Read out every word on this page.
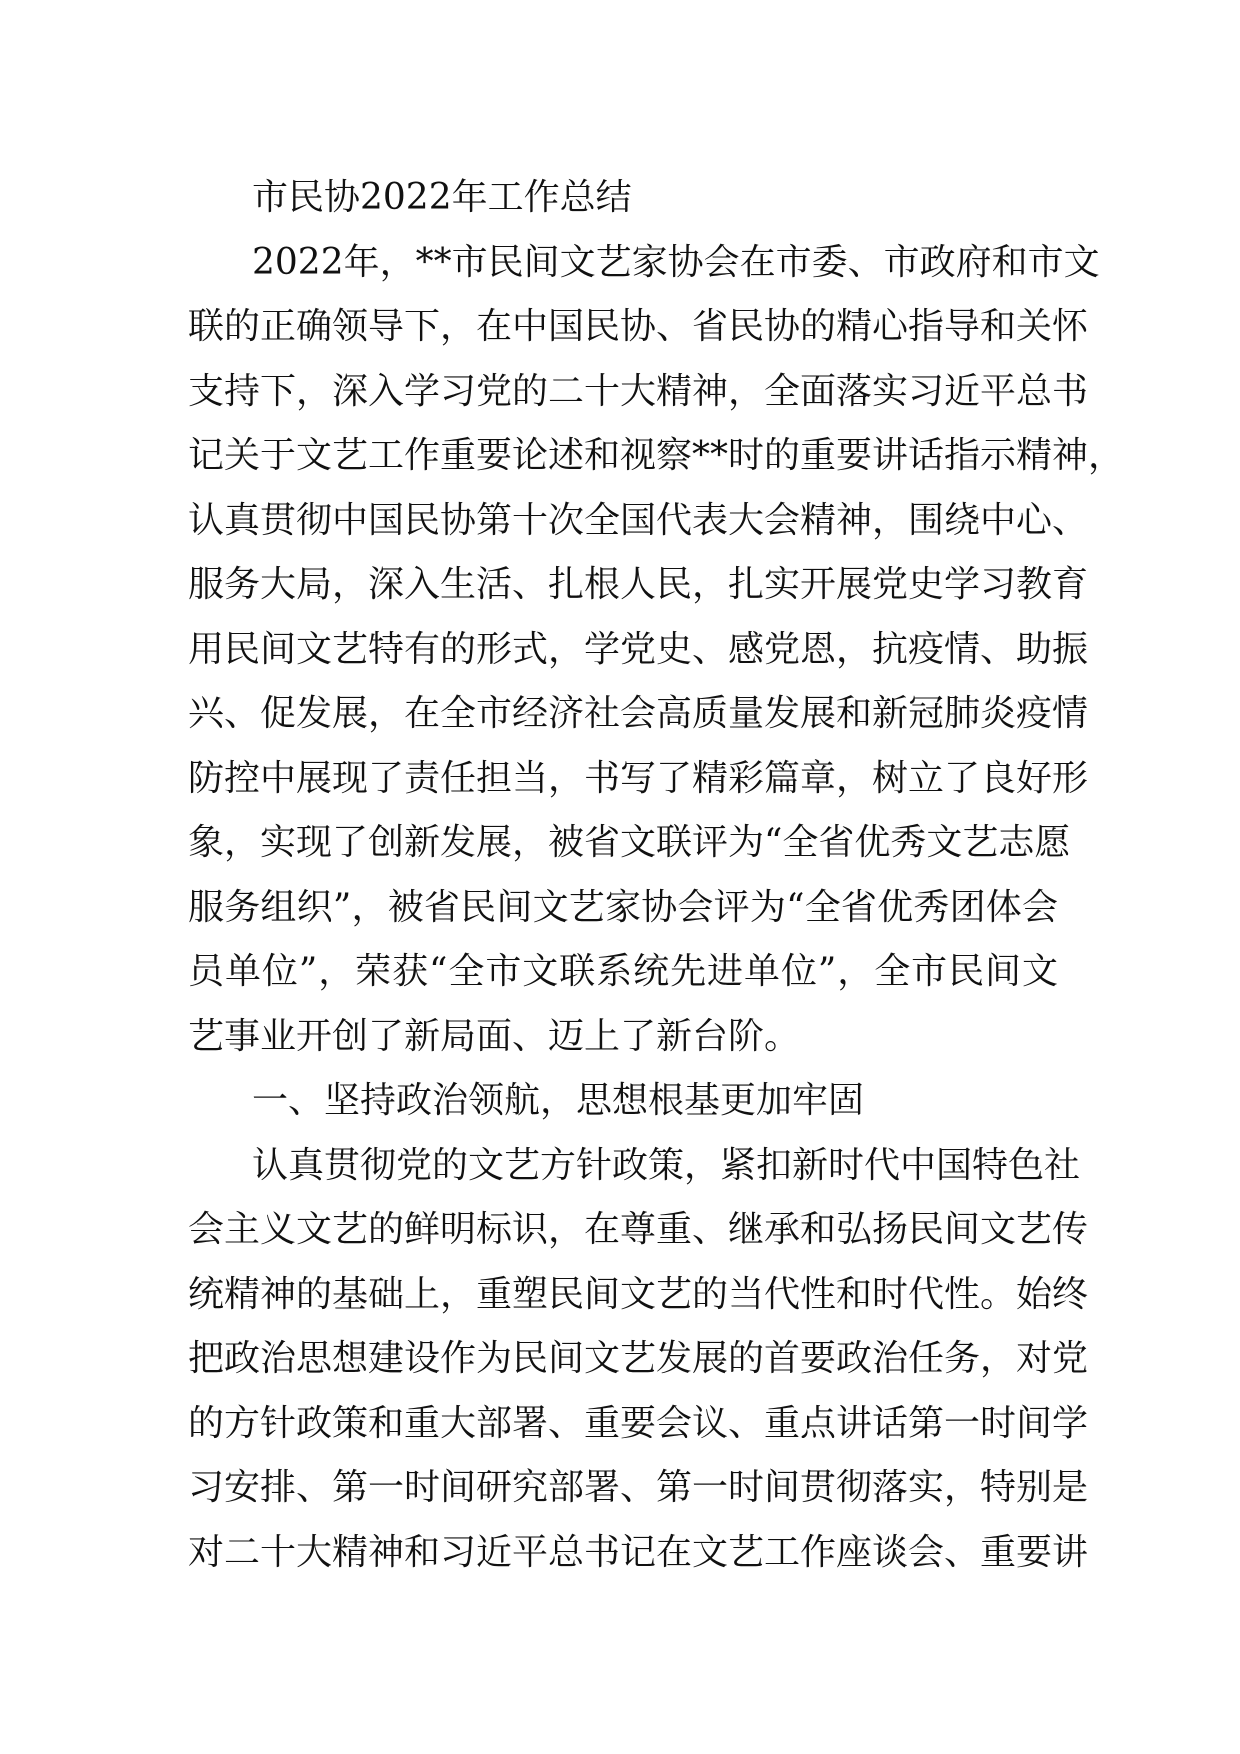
市民协2022年工作总结
2022年，**市民间文艺家协会在市委、市政府和市文
联的正确领导下，在中国民协、省民协的精心指导和关怀
支持下，深入学习党的二十大精神，全面落实习近平总书
记关于文艺工作重要论述和视察**时的重要讲话指示精神，
认真贯彻中国民协第十次全国代表大会精神，围绕中心、
服务大局，深入生活、扎根人民，扎实开展党史学习教育
用民间文艺特有的形式，学党史、感党恩，抗疫情、助振
兴、促发展，在全市经济社会高质量发展和新冠肺炎疫情
防控中展现了责任担当，书写了精彩篇章，树立了良好形
象，实现了创新发展，被省文联评为“全省优秀文艺志愿
服务组织”，被省民间文艺家协会评为“全省优秀团体会
员单位”，荣获“全市文联系统先进单位”，全市民间文
艺事业开创了新局面、迈上了新台阶。
一、坚持政治领航，思想根基更加牢固
认真贯彻党的文艺方针政策，紧扣新时代中国特色社
会主义文艺的鲜明标识，在尊重、继承和弘扬民间文艺传
统精神的基础上，重塑民间文艺的当代性和时代性。始终
把政治思想建设作为民间文艺发展的首要政治任务，对党
的方针政策和重大部署、重要会议、重点讲话第一时间学
习安排、第一时间研究部署、第一时间贯彻落实，特别是
对二十大精神和习近平总书记在文艺工作座谈会、重要讲
